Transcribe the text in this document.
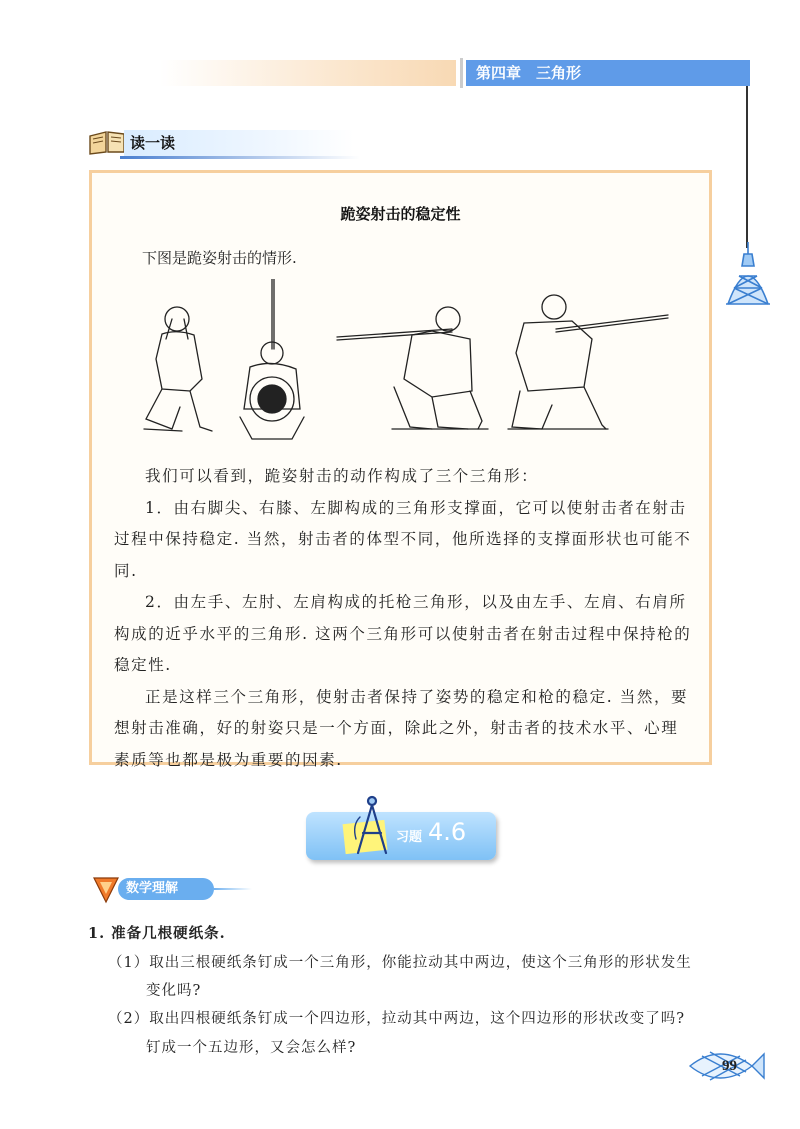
第四章　三角形
读一读
跪姿射击的稳定性
下图是跪姿射击的情形.

我们可以看到，跪姿射击的动作构成了三个三角形：

1．由右脚尖、右膝、左脚构成的三角形支撑面，它可以使射击者在射击过程中保持稳定. 当然，射击者的体型不同，他所选择的支撑面形状也可能不同.

2．由左手、左肘、左肩构成的托枪三角形，以及由左手、左肩、右肩所构成的近乎水平的三角形. 这两个三角形可以使射击者在射击过程中保持枪的稳定性.

正是这样三个三角形，使射击者保持了姿势的稳定和枪的稳定. 当然，要想射击准确，好的射姿只是一个方面，除此之外，射击者的技术水平、心理素质等也都是极为重要的因素.

习题 4.6
数学理解
1. 准备几根硬纸条.
（1）取出三根硬纸条钉成一个三角形，你能拉动其中两边，使这个三角形的形状发生
变化吗?
（2）取出四根硬纸条钉成一个四边形，拉动其中两边，这个四边形的形状改变了吗?
钉成一个五边形，又会怎么样?
99
